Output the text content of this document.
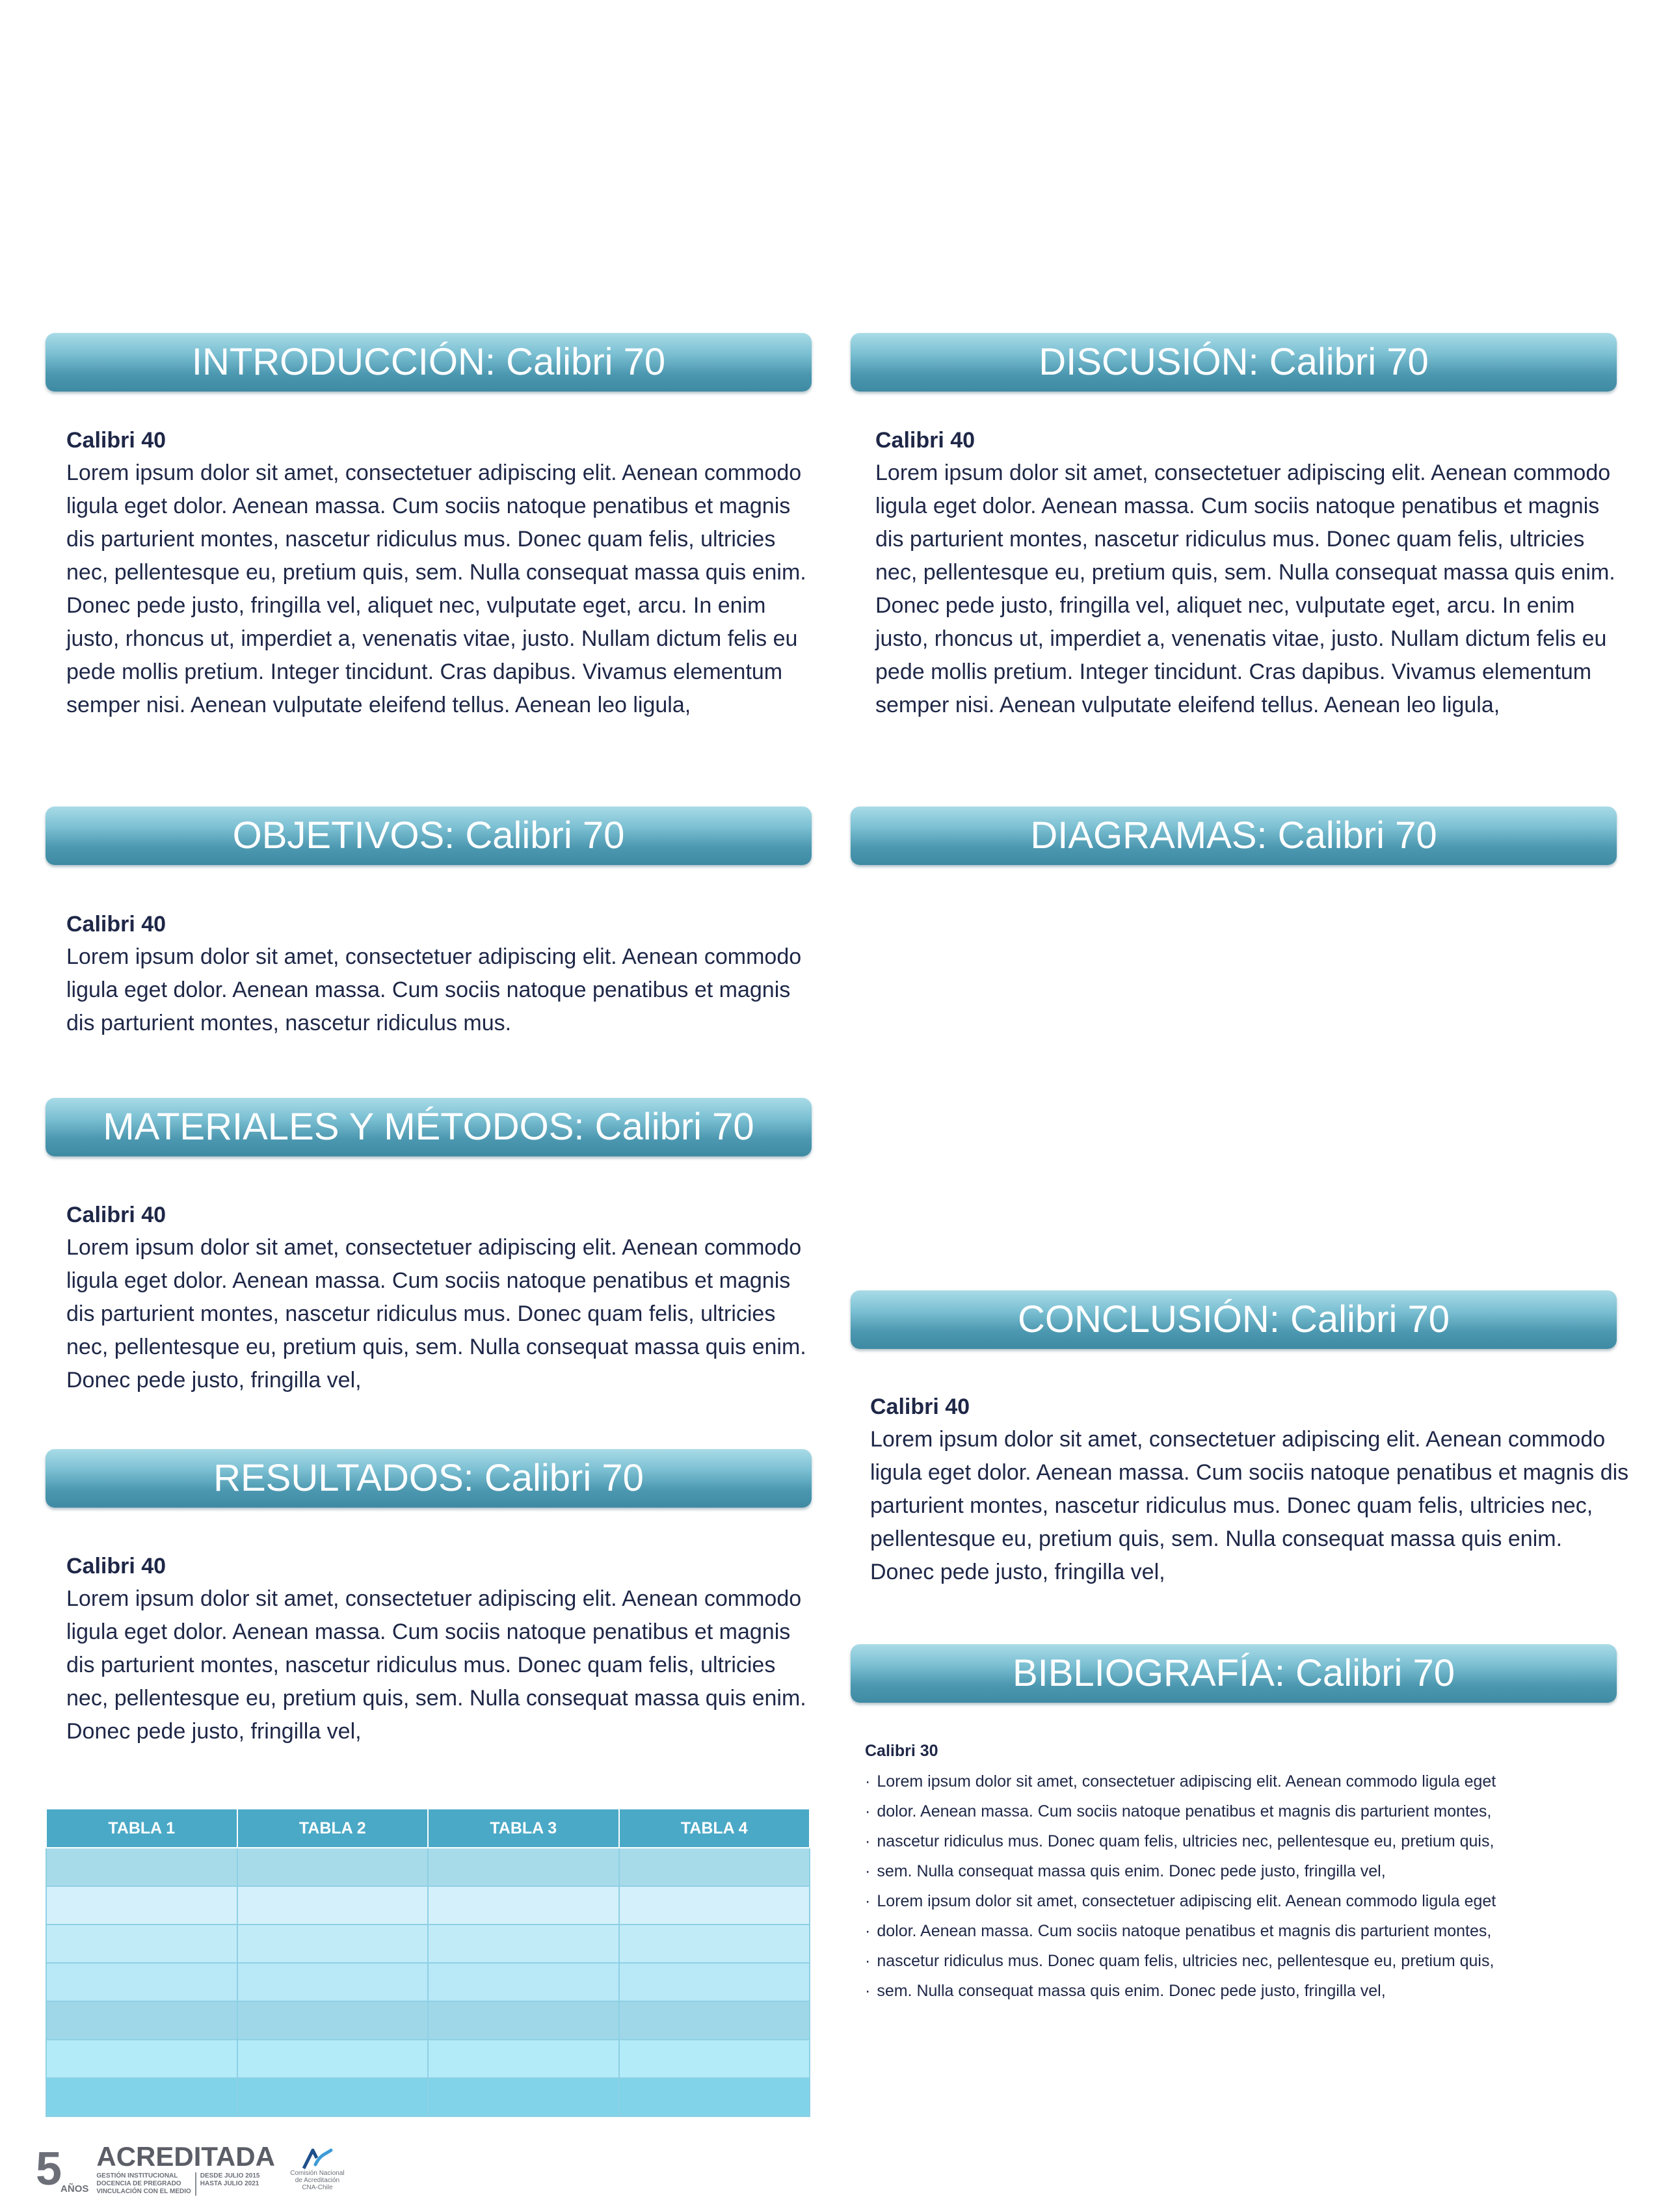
INTRODUCCIÓN: Calibri 70
Calibri 40
Lorem ipsum dolor sit amet, consectetuer adipiscing elit. Aenean commodo ligula eget dolor. Aenean massa. Cum sociis natoque penatibus et magnis dis parturient montes, nascetur ridiculus mus. Donec quam felis, ultricies nec, pellentesque eu, pretium quis, sem. Nulla consequat massa quis enim. Donec pede justo, fringilla vel, aliquet nec, vulputate eget, arcu. In enim justo, rhoncus ut, imperdiet a, venenatis vitae, justo. Nullam dictum felis eu pede mollis pretium. Integer tincidunt. Cras dapibus. Vivamus elementum semper nisi. Aenean vulputate eleifend tellus. Aenean leo ligula,
OBJETIVOS: Calibri 70
Calibri 40
Lorem ipsum dolor sit amet, consectetuer adipiscing elit. Aenean commodo ligula eget dolor. Aenean massa. Cum sociis natoque penatibus et magnis dis parturient montes, nascetur ridiculus mus.
MATERIALES Y MÉTODOS: Calibri 70
Calibri 40
Lorem ipsum dolor sit amet, consectetuer adipiscing elit. Aenean commodo ligula eget dolor. Aenean massa. Cum sociis natoque penatibus et magnis dis parturient montes, nascetur ridiculus mus. Donec quam felis, ultricies nec, pellentesque eu, pretium quis, sem. Nulla consequat massa quis enim. Donec pede justo, fringilla vel,
RESULTADOS: Calibri 70
Calibri 40
Lorem ipsum dolor sit amet, consectetuer adipiscing elit. Aenean commodo ligula eget dolor. Aenean massa. Cum sociis natoque penatibus et magnis dis parturient montes, nascetur ridiculus mus. Donec quam felis, ultricies nec, pellentesque eu, pretium quis, sem. Nulla consequat massa quis enim. Donec pede justo, fringilla vel,
TABLA 1	TABLA 2	TABLA 3	TABLA 4

DISCUSIÓN: Calibri 70
Calibri 40
Lorem ipsum dolor sit amet, consectetuer adipiscing elit. Aenean commodo ligula eget dolor. Aenean massa. Cum sociis natoque penatibus et magnis dis parturient montes, nascetur ridiculus mus. Donec quam felis, ultricies nec, pellentesque eu, pretium quis, sem. Nulla consequat massa quis enim. Donec pede justo, fringilla vel, aliquet nec, vulputate eget, arcu. In enim justo, rhoncus ut, imperdiet a, venenatis vitae, justo. Nullam dictum felis eu pede mollis pretium. Integer tincidunt. Cras dapibus. Vivamus elementum semper nisi. Aenean vulputate eleifend tellus. Aenean leo ligula,
DIAGRAMAS: Calibri 70
CONCLUSIÓN: Calibri 70
Calibri 40
Lorem ipsum dolor sit amet, consectetuer adipiscing elit. Aenean commodo ligula eget dolor. Aenean massa. Cum sociis natoque penatibus et magnis dis parturient montes, nascetur ridiculus mus. Donec quam felis, ultricies nec, pellentesque eu, pretium quis, sem. Nulla consequat massa quis enim. Donec pede justo, fringilla vel,
BIBLIOGRAFÍA: Calibri 70
Calibri 30
· Lorem ipsum dolor sit amet, consectetuer adipiscing elit. Aenean commodo ligula eget
· dolor. Aenean massa. Cum sociis natoque penatibus et magnis dis parturient montes,
· nascetur ridiculus mus. Donec quam felis, ultricies nec, pellentesque eu, pretium quis,
· sem. Nulla consequat massa quis enim. Donec pede justo, fringilla vel,
· Lorem ipsum dolor sit amet, consectetuer adipiscing elit. Aenean commodo ligula eget
· dolor. Aenean massa. Cum sociis natoque penatibus et magnis dis parturient montes,
· nascetur ridiculus mus. Donec quam felis, ultricies nec, pellentesque eu, pretium quis,
· sem. Nulla consequat massa quis enim. Donec pede justo, fringilla vel,
5
AÑOS
ACREDITADA
GESTIÓN INSTITUCIONAL
DOCENCIA DE PREGRADO
VINCULACIÓN CON EL MEDIO
DESDE JULIO 2015
HASTA JULIO 2021
Comisión Nacional de Acreditación CNA-Chile
